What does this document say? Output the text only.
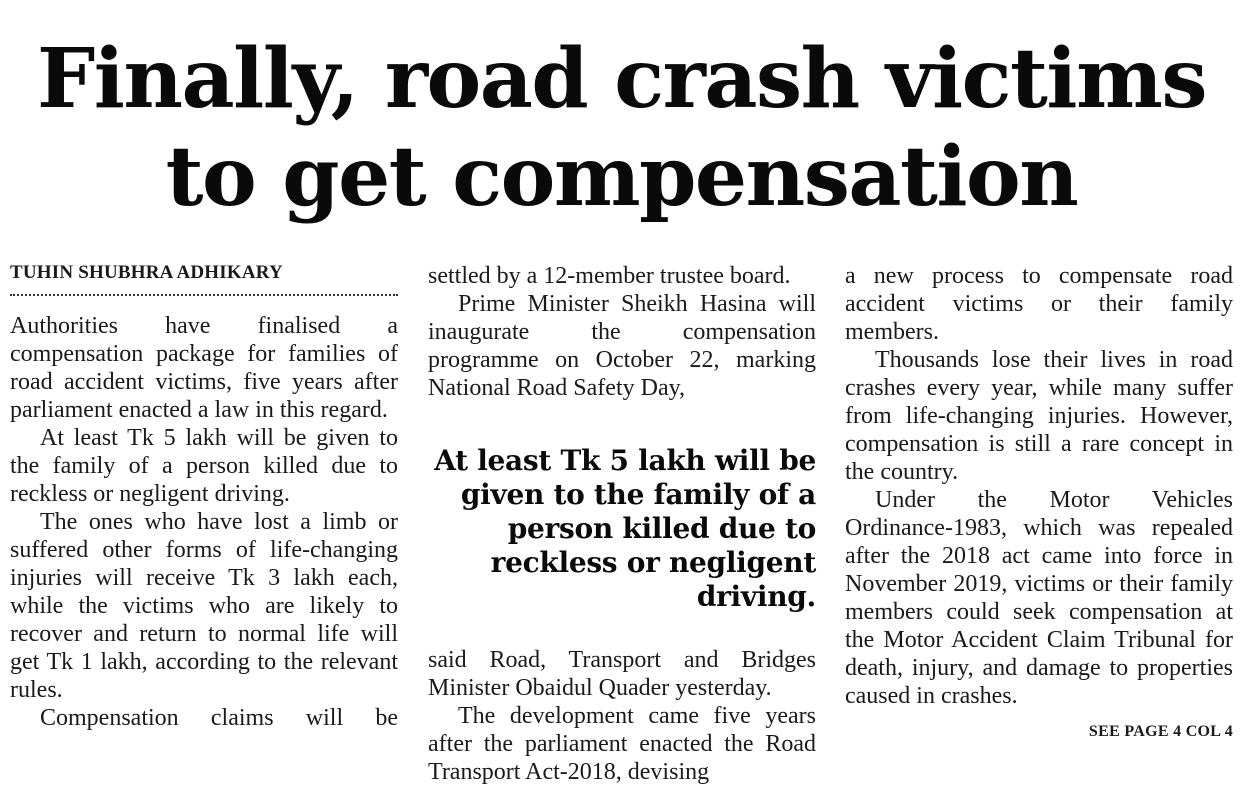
Finally, road crash victims
to get compensation
TUHIN SHUBHRA ADHIKARY

Authorities have finalised a compensation package for families of road accident victims, five years after parliament enacted a law in this regard.

At least Tk 5 lakh will be given to the family of a person killed due to reckless or negligent driving.

The ones who have lost a limb or suffered other forms of life-changing injuries will receive Tk 3 lakh each, while the victims who are likely to recover and return to normal life will get Tk 1 lakh, according to the relevant rules.

Compensation claims will be

settled by a 12-member trustee board.

Prime Minister Sheikh Hasina will inaugurate the compensation programme on October 22, marking National Road Safety Day,

At least Tk 5 lakh will be given to the family of a person killed due to reckless or negligent driving.

said Road, Transport and Bridges Minister Obaidul Quader yesterday.

The development came five years after the parliament enacted the Road Transport Act-2018, devising

a new process to compensate road accident victims or their family members.

Thousands lose their lives in road crashes every year, while many suffer from life-changing injuries. However, compensation is still a rare concept in the country.

Under the Motor Vehicles Ordinance-1983, which was repealed after the 2018 act came into force in November 2019, victims or their family members could seek compensation at the Motor Accident Claim Tribunal for death, injury, and damage to properties caused in crashes.

SEE PAGE 4 COL 4
